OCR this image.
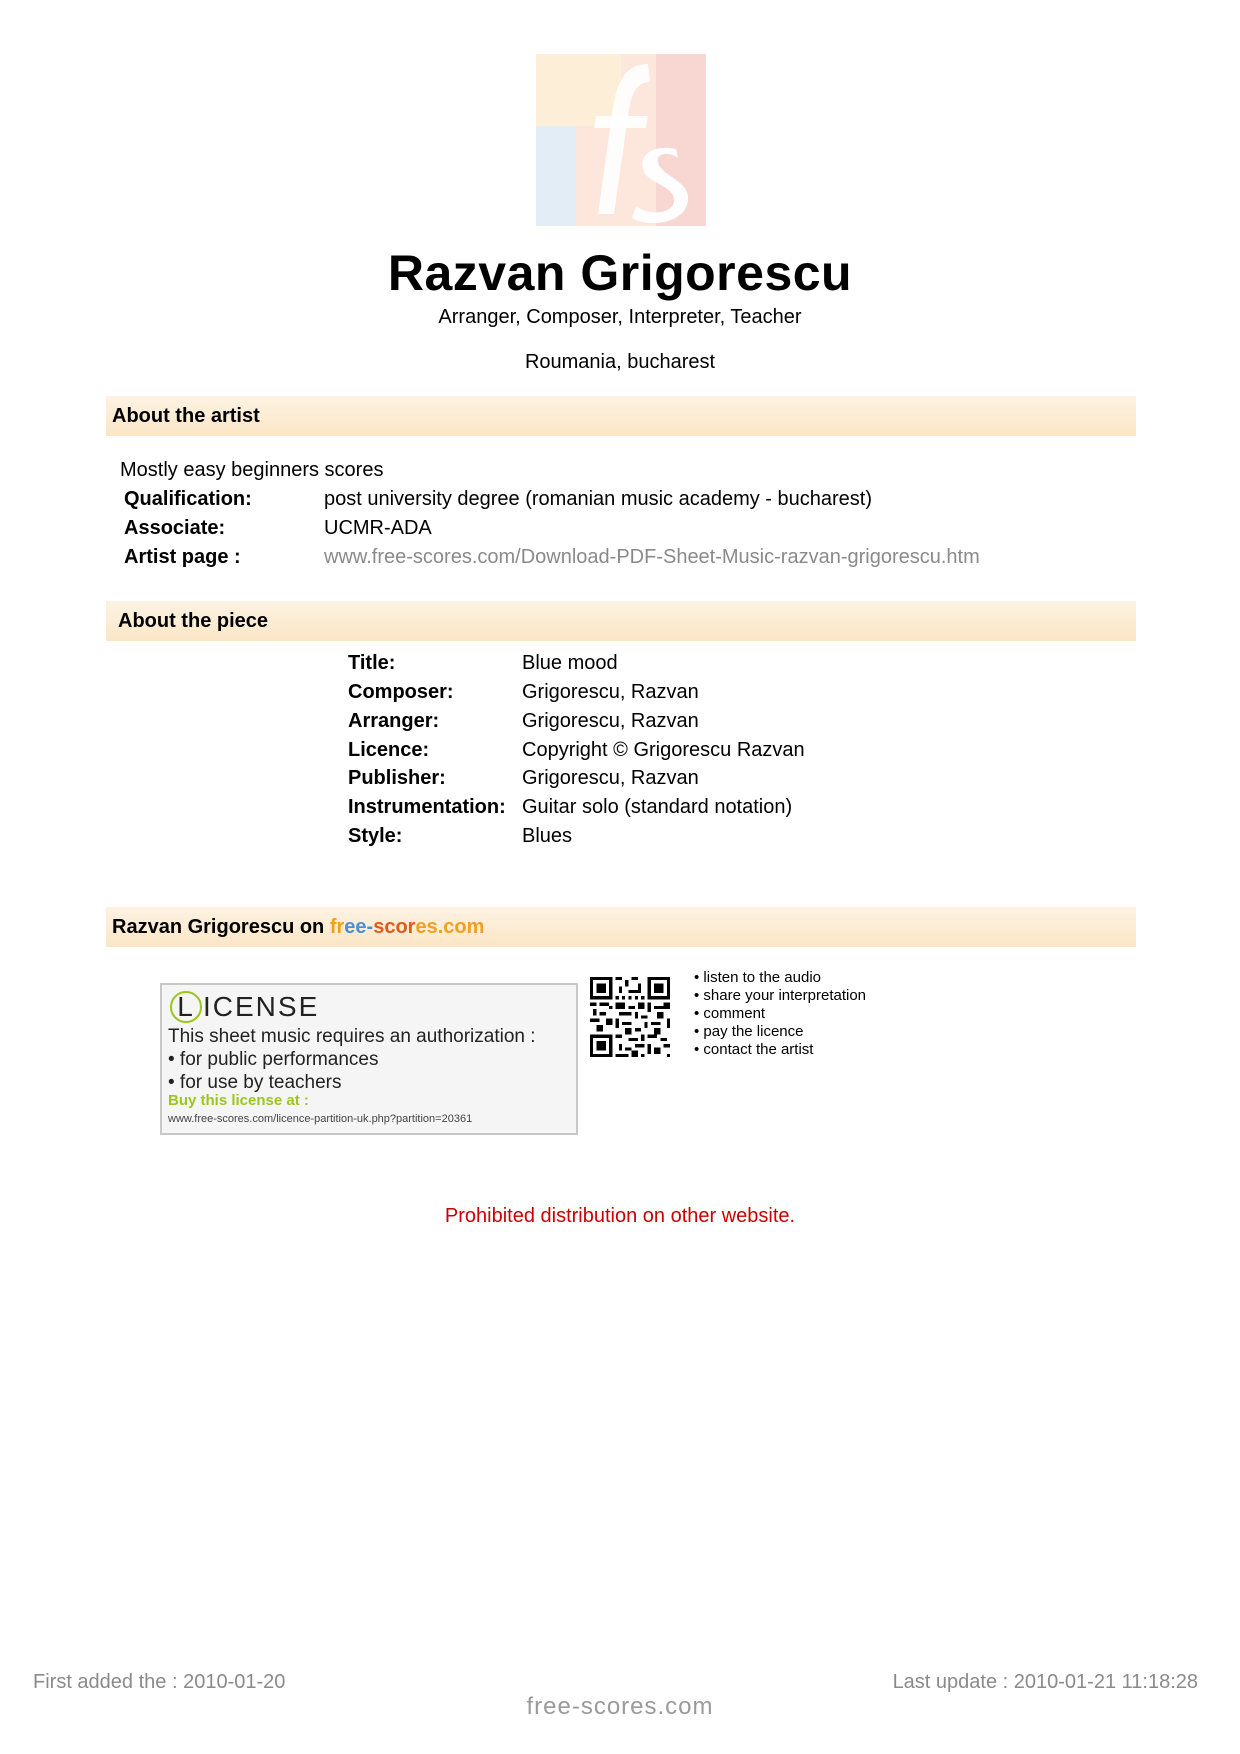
Razvan Grigorescu
Arranger, Composer, Interpreter, Teacher
Roumania, bucharest
About the artist
Mostly easy beginners scores
Qualification:	post university degree (romanian music academy - bucharest)
Associate:	UCMR-ADA
Artist page :	www.free-scores.com/Download-PDF-Sheet-Music-razvan-grigorescu.htm
About the piece
Title:	Blue mood
Composer:	Grigorescu, Razvan
Arranger:	Grigorescu, Razvan
Licence:	Copyright © Grigorescu Razvan
Publisher:	Grigorescu, Razvan
Instrumentation: Guitar solo (standard notation)
Style:	Blues
Razvan Grigorescu on free-scores.com
L ICENSE
This sheet music requires an authorization :
• for public performances
• for use by teachers
Buy this license at :
www.free-scores.com/licence-partition-uk.php?partition=20361
• listen to the audio
• share your interpretation
• comment
• pay the licence
• contact the artist
Prohibited distribution on other website.
First added the : 2010-01-20	Last update : 2010-01-21 11:18:28
free-scores.com
